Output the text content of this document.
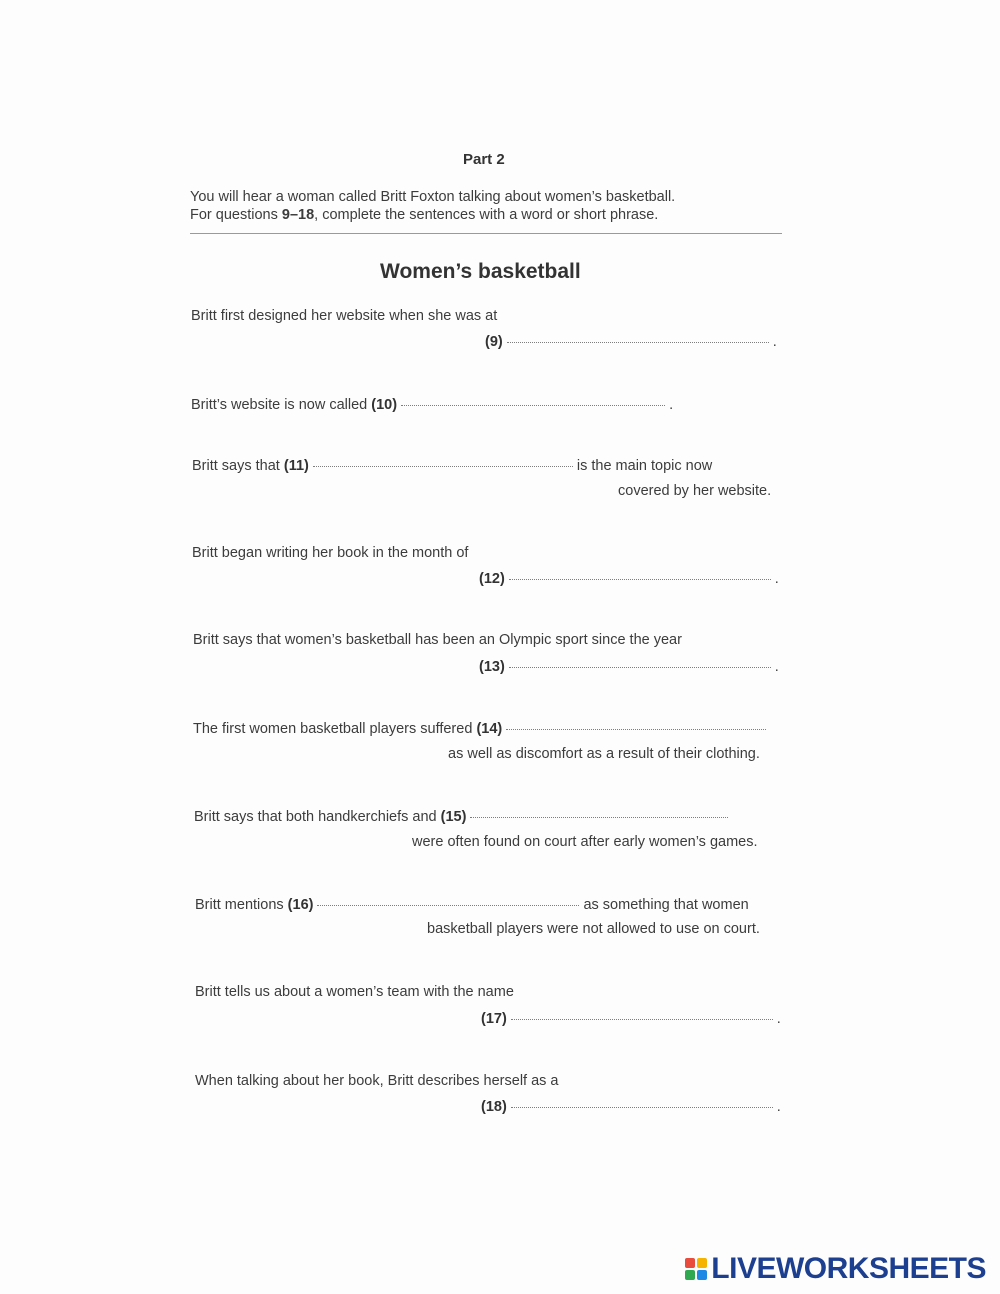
Part 2
You will hear a woman called Britt Foxton talking about women’s basketball.
For questions 9–18, complete the sentences with a word or short phrase.
Women’s basketball
Britt first designed her website when she was at
(9)	.
Britt’s website is now called (10)	.
Britt says that (11)	is the main topic now
covered by her website.
Britt began writing her book in the month of
(12)	.
Britt says that women’s basketball has been an Olympic sport since the year
(13)	.
The first women basketball players suffered (14)
as well as discomfort as a result of their clothing.
Britt says that both handkerchiefs and (15)
were often found on court after early women’s games.
Britt mentions (16)	as something that women
basketball players were not allowed to use on court.
Britt tells us about a women’s team with the name
(17)	.
When talking about her book, Britt describes herself as a
(18)	.
LIVEWORKSHEETS
